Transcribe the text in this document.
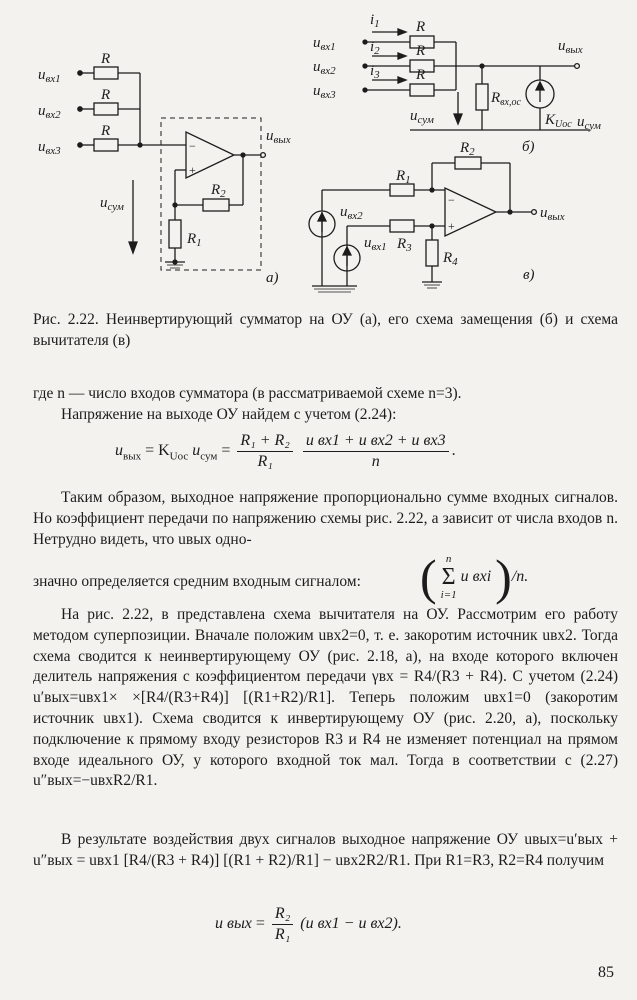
−
+
−
+
$u_{вх1}$
$u_{вх2}$
$u_{вх3}$
R
R
R	$u_{вых}$
$u_{сум}$
$R_2$
$R_1$
а)
$u_{вх1}$
$u_{вх2}$
$u_{вх3}$
$i_1$
$i_2$
$i_3$
R
R
R
$R_{вх,ос}$
$u_{сум}$
$u_{вых}$
$K_{Uос}$ $u_{сум}$
б)
$R_2$
$R_1$
$u_{вх2}$
$u_{вх1}$ $R_3$
$R_4$
$u_{вых}$
в)
Рис. 2.22. Неинвертирующий сумматор на ОУ (а), его схема замещения (б) и схема вычитателя (в)
где n — число входов сумматора (в рассматриваемой схеме n=3).
Напряжение на выходе ОУ найдем с учетом (2.24):
$u_{вых} = K_{Uос}$ $u_{сум} = \frac{\text{R₁ + R₂}}{\text{R₁}}$
$\frac{\text{u вх1 + u вх2 + u вх3}}{n}$ .
Таким образом, выходное напряжение пропорционально сумме входных сигналов. Но коэффициент передачи по напряжению схемы рис. 2.22, а зависит от числа входов n. Нетрудно видеть, что uвых одно-
значно определяется средним входным сигналом:	( n
Σ
i=1
u вхi )/n.
На рис. 2.22, в представлена схема вычитателя на ОУ. Рассмотрим его работу методом суперпозиции. Вначале положим uвх2=0, т. е. закоротим источник uвх2. Тогда схема сводится к неинвертирующему ОУ (рис. 2.18, а), на входе которого включен делитель напряжения с коэффициентом передачи γвх = R4/(R3 + R4). С учетом (2.24) u′вых=uвх1× ×[R4/(R3+R4)] [(R1+R2)/R1]. Теперь положим uвх1=0 (закоротим источник uвх1). Схема сводится к инвертирующему ОУ (рис. 2.20, а), поскольку подключение к прямому входу резисторов R3 и R4 не изменяет потенциал на прямом входе идеального ОУ, у которого входной ток мал. Тогда в соответствии с (2.27) u″вых=−uвхR2/R1.
В результате воздействия двух сигналов выходное напряжение ОУ uвых=u′вых + u″вых = uвх1 [R4/(R3 + R4)] [(R1 + R2)/R1] − uвх2R2/R1. При R1=R3, R2=R4 получим
u вых = $\frac{\text{R₂}}{\text{R₁}} (u$ вх1 − u вх2).
85
